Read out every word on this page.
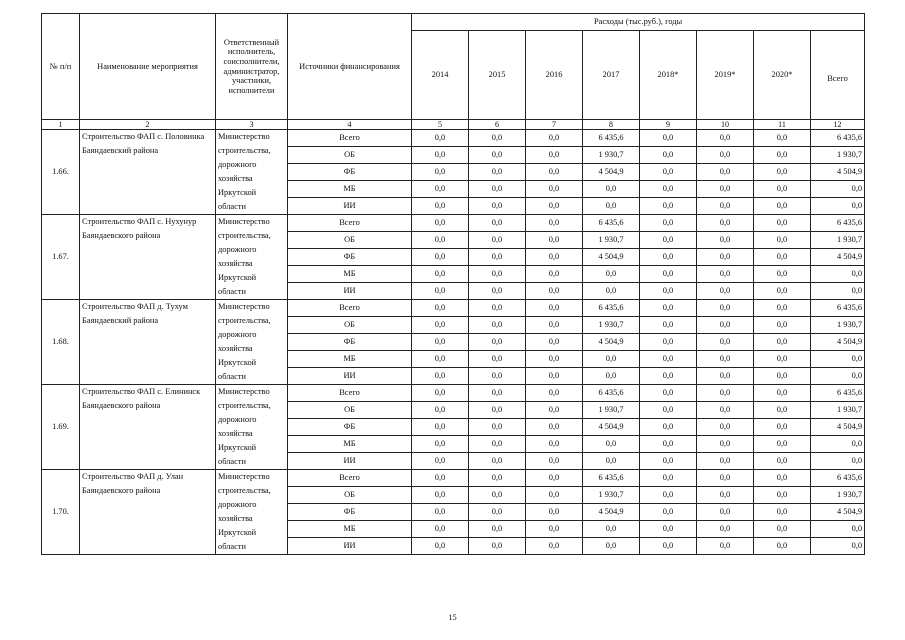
№ п/п	Наименование мероприятия	Ответственный исполнитель, соисполнители, администратор, участники, исполнители	Источники финансирования	Расходы (тыс.руб.), годы							
				2014	2015	2016	2017	2018*	2019*	2020*	Всего
1	2	3	4	5	6	7	8	9	10	11	12
1.66.	Строительство ФАП с. Половинка Баяндаевский района	Министерство строительства, дорожного хозяйства Иркутской области	Всего	0,0	0,0	0,0	6 435,6	0,0	0,0	0,0	6 435,6
			ОБ	0,0	0,0	0,0	1 930,7	0,0	0,0	0,0	1 930,7
			ФБ	0,0	0,0	0,0	4 504,9	0,0	0,0	0,0	4 504,9
			МБ	0,0	0,0	0,0	0,0	0,0	0,0	0,0	0,0
			ИИ	0,0	0,0	0,0	0,0	0,0	0,0	0,0	0,0
1.67.	Строительство ФАП с. Нухунур Баяндаевского района	Министерство строительства, дорожного хозяйства Иркутской области	Всего	0,0	0,0	0,0	6 435,6	0,0	0,0	0,0	6 435,6
			ОБ	0,0	0,0	0,0	1 930,7	0,0	0,0	0,0	1 930,7
			ФБ	0,0	0,0	0,0	4 504,9	0,0	0,0	0,0	4 504,9
			МБ	0,0	0,0	0,0	0,0	0,0	0,0	0,0	0,0
			ИИ	0,0	0,0	0,0	0,0	0,0	0,0	0,0	0,0
1.68.	Строительство ФАП д. Тухум Баяндаевский района	Министерство строительства, дорожного хозяйства Иркутской области	Всего	0,0	0,0	0,0	6 435,6	0,0	0,0	0,0	6 435,6
			ОБ	0,0	0,0	0,0	1 930,7	0,0	0,0	0,0	1 930,7
			ФБ	0,0	0,0	0,0	4 504,9	0,0	0,0	0,0	4 504,9
			МБ	0,0	0,0	0,0	0,0	0,0	0,0	0,0	0,0
			ИИ	0,0	0,0	0,0	0,0	0,0	0,0	0,0	0,0
1.69.	Строительство ФАП с. Елининск Баяндаевского района	Министерство строительства, дорожного хозяйства Иркутской области	Всего	0,0	0,0	0,0	6 435,6	0,0	0,0	0,0	6 435,6
			ОБ	0,0	0,0	0,0	1 930,7	0,0	0,0	0,0	1 930,7
			ФБ	0,0	0,0	0,0	4 504,9	0,0	0,0	0,0	4 504,9
			МБ	0,0	0,0	0,0	0,0	0,0	0,0	0,0	0,0
			ИИ	0,0	0,0	0,0	0,0	0,0	0,0	0,0	0,0
1.70.	Строительство ФАП д. Улан Баяндаевского района	Министерство строительства, дорожного хозяйства Иркутской области	Всего	0,0	0,0	0,0	6 435,6	0,0	0,0	0,0	6 435,6
			ОБ	0,0	0,0	0,0	1 930,7	0,0	0,0	0,0	1 930,7
			ФБ	0,0	0,0	0,0	4 504,9	0,0	0,0	0,0	4 504,9
			МБ	0,0	0,0	0,0	0,0	0,0	0,0	0,0	0,0
			ИИ	0,0	0,0	0,0	0,0	0,0	0,0	0,0	0,0
15
